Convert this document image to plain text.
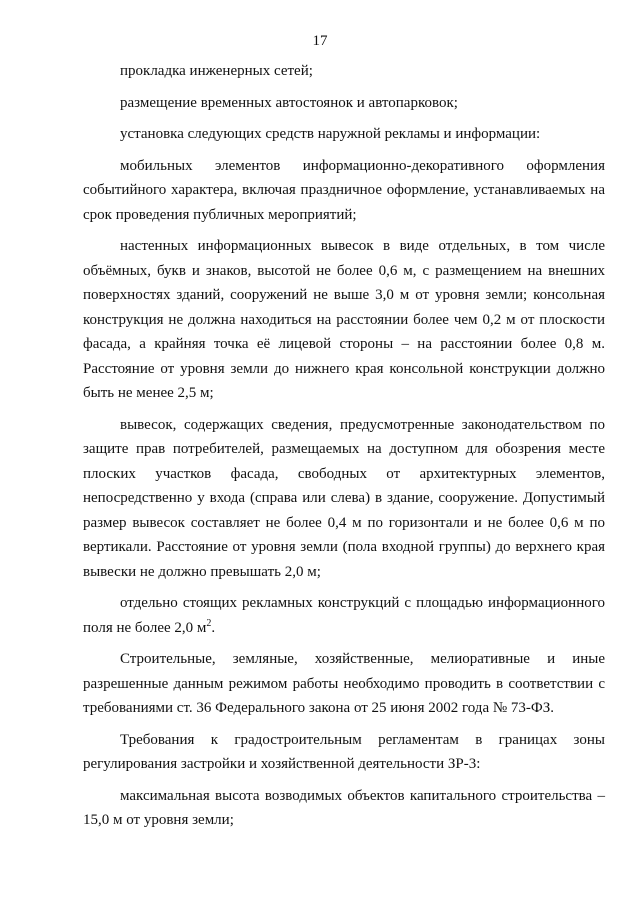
17

прокладка инженерных сетей;

размещение временных автостоянок и автопарковок;

установка следующих средств наружной рекламы и информации:

мобильных элементов информационно-декоративного оформления событийного характера, включая праздничное оформление, устанавливаемых на срок проведения публичных мероприятий;

настенных информационных вывесок в виде отдельных, в том числе объёмных, букв и знаков, высотой не более 0,6 м, с размещением на внешних поверхностях зданий, сооружений не выше 3,0 м от уровня земли; консольная конструкция не должна находиться на расстоянии более чем 0,2 м от плоскости фасада, а крайняя точка её лицевой стороны – на расстоянии более 0,8 м. Расстояние от уровня земли до нижнего края консольной конструкции должно быть не менее 2,5 м;

вывесок, содержащих сведения, предусмотренные законодательством по защите прав потребителей, размещаемых на доступном для обозрения месте плоских участков фасада, свободных от архитектурных элементов, непосредственно у входа (справа или слева) в здание, сооружение. Допустимый размер вывесок составляет не более 0,4 м по горизонтали и не более 0,6 м по вертикали. Расстояние от уровня земли (пола входной группы) до верхнего края вывески не должно превышать 2,0 м;

отдельно стоящих рекламных конструкций с площадью информационного поля не более 2,0 $м^2$.

Строительные, земляные, хозяйственные, мелиоративные и иные разрешенные данным режимом работы необходимо проводить в соответствии с требованиями ст. 36 Федерального закона от 25 июня 2002 года № 73-ФЗ.

Требования к градостроительным регламентам в границах зоны регулирования застройки и хозяйственной деятельности ЗР-3:

максимальная высота возводимых объектов капитального строительства – 15,0 м от уровня земли;
